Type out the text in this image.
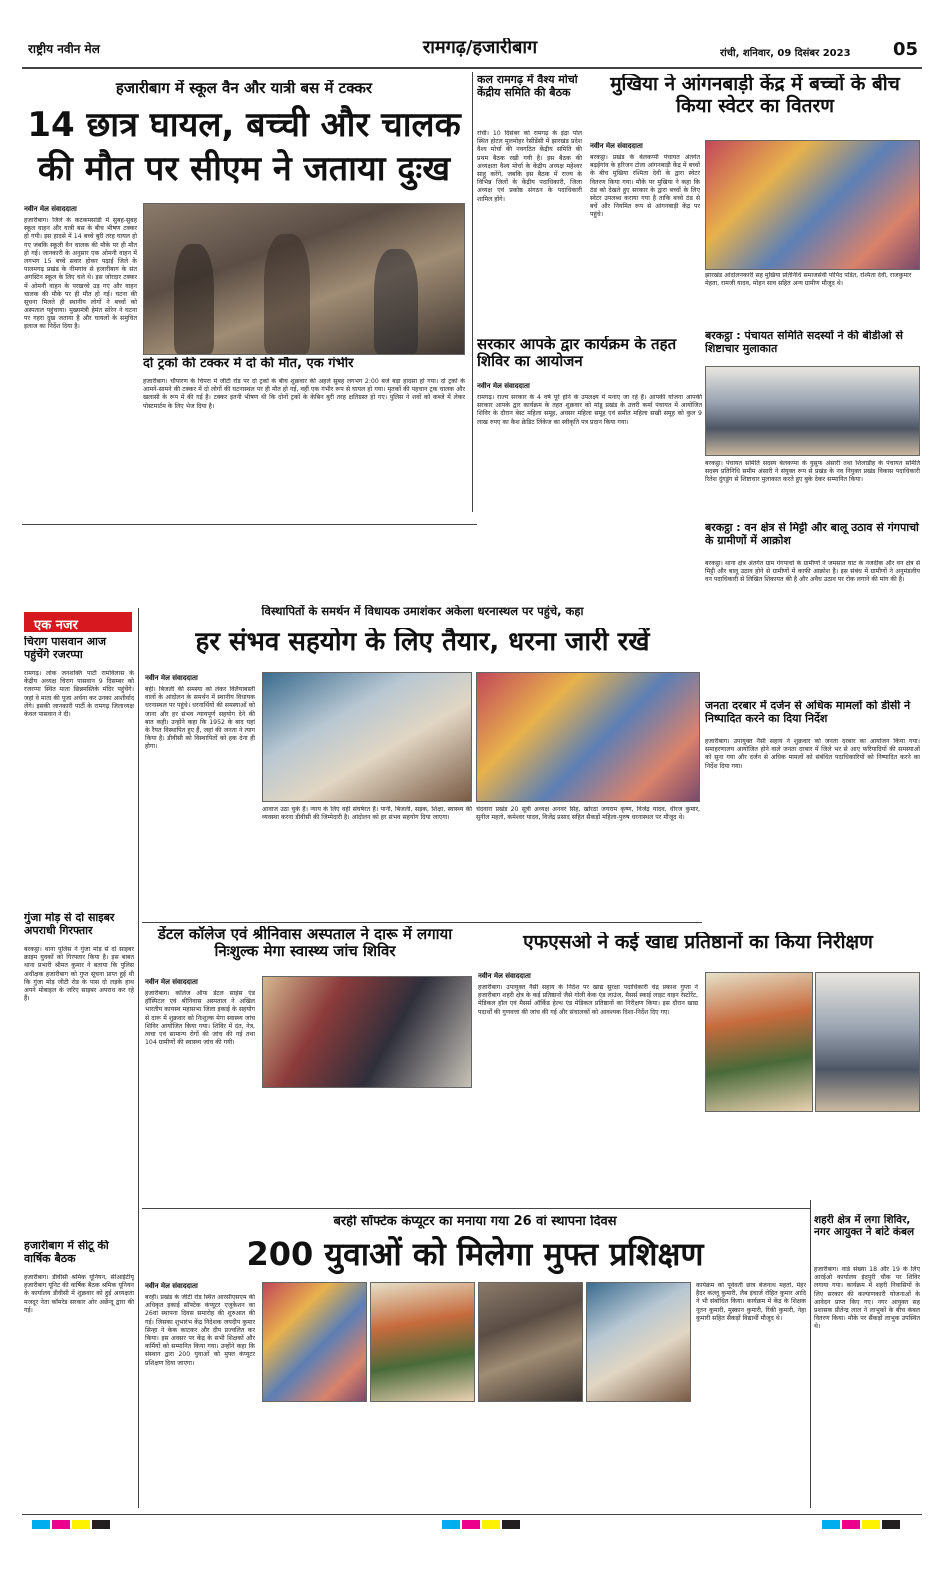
राष्ट्रीय नवीन मेल	रामगढ़/हजारीबाग	रांची, शनिवार, 09 दिसंबर 2023	05
हजारीबाग में स्कूल वैन और यात्री बस में टक्कर
14 छात्र घायल, बच्ची और चालक की मौत पर सीएम ने जताया दुःख
नवीन मेल संवाददाता
हजारीबाग। जिले के कटकमसांडी में सुबह-सुबह स्कूल वाहन और यात्री बस के बीच भीषण टक्कर हो गयी। इस हादसे में 14 बच्चे बुरी तरह घायल हो गए जबकि स्कूली वैन चालक की मौके पर ही मौत हो गई। जानकारी के अनुसार एक ओमनी वाहन में लगभग 15 बच्चे सवार होकर पढ़ाई जिले के पालमगढ़ प्रखंड के नीमगांव से हजारीबाग के संत अगस्टिन स्कूल के लिए चले थे। इस जोरदार टक्कर में ओमनी वाहन के परखच्चे उड़ गए और वाहन चालक की मौके पर ही मौत हो गई। घटना की सूचना मिलते ही स्थानीय लोगों ने बच्चों को अस्पताल पहुंचाया। मुख्यमंत्री हेमंत सोरेन ने घटना पर गहरा दुख जताया है और घायलों के समुचित इलाज का निर्देश दिया है।
दो ट्रकों की टक्कर में दो की मौत, एक गंभीर
हजारीबाग। चौपारण के चिपरा में जीटी रोड पर दो ट्रकों के बीच शुक्रवार की अहले सुबह लगभग 2:00 बजे बड़ा हादसा हो गया। दो ट्रकों के आमने-सामने की टक्कर में दो लोगों की घटनास्थल पर ही मौत हो गई, वहीं एक गंभीर रूप से घायल हो गया। मृतकों की पहचान ट्रक चालक और खलासी के रूप में की गई है। टक्कर इतनी भीषण थी कि दोनों ट्रकों के केबिन बुरी तरह क्षतिग्रस्त हो गए। पुलिस ने शवों को कब्जे में लेकर पोस्टमार्टम के लिए भेज दिया है।
कल रामगढ़ में वैश्य मोर्चा केंद्रीय समिति की बैठक
रांची। 10 दिसंबर को रामगढ़ के इंद्रा पोल स्थित होटल मुलमोहर रेसीडेंसी में झारखंड प्रदेश वैश्य मोर्चा की नवगठित केंद्रीय समिति की प्रथम बैठक रखी गयी है। इस बैठक की अध्यक्षता वैश्य मोर्चा के केंद्रीय अध्यक्ष महेश्वर साहु करेंगे, जबकि इस बैठक में राज्य के विभिन्न जिलों के केंद्रीय पदाधिकारी, जिला अध्यक्ष एवं प्रकोष्ठ संगठन के पदाधिकारी शामिल होंगे।
सरकार आपके द्वार कार्यक्रम के तहत शिविर का आयोजन
नवीन मेल संवाददाता
रामगढ़। राज्य सरकार के 4 वर्ष पूरे होने के उपलक्ष्य में मनाए जा रहे हैं। आपकी योजना आपकी सरकार आपके द्वार कार्यक्रम के तहत शुक्रवार को मांडू प्रखंड के उत्तरी कर्मा पंचायत में आयोजित शिविर के दौरान बेस्ट महिला समूह, अवसर महिला समूह एवं समीत महिला सखी समूह को कुल 9 लाख रुपए का कैश क्रेडिट लिंकेज का स्वीकृति पत्र प्रदान किया गया।
मुखिया ने आंगनबाड़ी केंद्र में बच्चों के बीच किया स्वेटर का वितरण
नवीन मेल संवाददाता
बरकट्ठा। प्रखंड के बेलकप्पी पंचायत अंतर्गत बढ़ईगांव के हरिजन टोला आंगनबाड़ी केंद्र में बच्चों के बीच मुखिया रश्मिता देवी के द्वारा स्वेटर वितरण किया गया। मौके पर मुखिया ने कहा कि ठंड को देखते हुए सरकार के द्वारा बच्चों के लिए स्वेटर उपलब्ध कराया गया है ताकि बच्चे ठंड से बचें और नियमित रूप से आंगनबाड़ी केंद्र पर पहुंचे।
झारखंड आंदोलनकारी सह मुखिया प्रतिनिधि समाजसेवी पोपिंद पडित, रश्मिता देवी, राजकुमार मेहता, रामजी यादव, मोहन साव सहित अन्य ग्रामीण मौजूद थे।
बरकट्ठा : पंचायत समिति सदस्यों ने की बीडीओ से शिष्टाचार मुलाकात
बरकट्ठा। पंचायत समिति सदस्य बेलकप्पा के युसुफ अंसारी तथा शिलाडीह के पंचायत समिति सदस्य प्रतिनिधि समीम अंसारी ने संयुक्त रूप से प्रखंड के नव नियुक्त प्रखंड विकास पदाधिकारी रितेश दुंगडुंग से शिष्टाचार मुलाकात करते हुए बुके देकर सम्मानित किया।
बरकट्ठा : वन क्षेत्र से मिट्टी और बालू उठाव से गंगपाचो के ग्रामीणों में आक्रोश
बरकट्ठा। थाना क्षेत्र अंतर्गत ग्राम गंगपाचो के ग्रामीणों ने जमसात घाट के नजदीक और वन क्षेत्र से मिट्टी और बालू उठाव होने से ग्रामीणों में काफी आक्रोश है। इस संबंध में ग्रामीणों ने अनुमंडलीय वन पदाधिकारी से लिखित शिकायत की है और अवैध उठाव पर रोक लगाने की मांग की है।
जनता दरबार में दर्जन से अधिक मामलों को डीसी ने निष्पादित करने का दिया निर्देश
हजारीबाग। उपायुक्त नैंसी सहाय ने शुक्रवार को जनता दरबार का आयोजन किया गया। समाहरणालय आयोजित होने वाले जनता दरबार में जिले भर से आए फरियादियों की समस्याओं को सुना गया और दर्जन से अधिक मामलों को संबंधित पदाधिकारियों को निष्पादित करने का निर्देश दिया गया।
एक नजर
चिराग पासवान आज पहुंचेंगे रजरप्पा
रामगढ़। लोक जनशक्ति पार्टी रामविलास के केंद्रीय अध्यक्ष चिराग पासवान 9 दिसम्बर को रजरप्पा स्थित माता छिन्नमस्तिके मंदिर पहुंचेंगे। जहां वे माता की पूजा अर्चना कर उनका आशीर्वाद लेंगे। इसकी जानकारी पार्टी के रामगढ़ जिलाध्यक्ष केवल पासवान ने दी।
गुंजा मोड़ से दो साइबर अपराधी गिरफ्तार
बरकट्ठा। थाना पुलिस ने गुंजा मोड़ से दो साइबर क्राइम युवकों को गिरफ्तार किया है। इस बाबत थाना प्रभारी श्रीमत कुमार ने बताया कि पुलिस अधीक्षक हजारीबाग को गुप्त सूचना प्राप्त हुई थी कि गुंजा मोड़ जीटी रोड के पास दो लड़के हाथ अपने मोबाइल के जरिए साइबर अपराध कर रहे हैं।
हजारीबाग में सीटू की वार्षिक बैठक
हजारीबाग। डीवीसी श्रमिक यूनियन, सीआईटीयू हजारीबाग यूनिट की वार्षिक बैठक श्रमिक यूनियन के कार्यालय डीवीसी में शुक्रवार को हुई अध्यक्षता मजदूर नेता कॉमरेड सरकार ओर अर्छेन्दू द्वारा की गई।
विस्थापितों के समर्थन में विधायक उमाशंकर अकेला धरनास्थल पर पहुंचे, कहा
हर संभव सहयोग के लिए तैयार, धरना जारी रखें
नवीन मेल संवाददाता
बही। बिजली की समस्या को लेकर विलैयाबस्ती वालों के आंदोलन के समर्थन में स्थानीय विधायक धरनास्थल पर पहुंचे। धरनार्थियों की समस्याओं को जाना और हर संभव न्यायपूर्ण सहयोग देने की बात कही। उन्होंने कहा कि 1952 के बाद यहां के रैयत विस्थापित हुए हैं, जहां की जनता ने त्याग किया है। डीवीसी को विस्थापितों को हक देना ही होगा।
आवाज उठा चुके हैं। न्याय के लिए वहीं संघर्षरत हैं। पानी, बिजली, सड़क, शिक्षा, स्वास्थ्य की व्यवस्था करना डीवीसी की जिम्मेदारी है। आंदोलन को हर संभव सहयोग दिया जाएगा।
चंदवारा प्रखंड 20 सूत्री अध्यक्ष अनवर सिंह, खोरठा जयराम कृष्ण, विजेंद्र यादव, धीरज कुमार, सुनील महतो, कमेश्वर यादव, विजेंद्र प्रसाद सहित सैकड़ों महिला-पुरुष धरनास्थल पर मौजूद थे।
डेंटल कॉलेज एवं श्रीनिवास अस्पताल ने दारू में लगाया निःशुल्क मेगा स्वास्थ्य जांच शिविर
नवीन मेल संवाददाता
हजारीबाग। कॉलेज ऑफ डेंटल साइंस एंड हॉस्पिटल एवं श्रीनिवास अस्पताल ने अखिल भारतीय कायस्थ महासभा जिला इकाई के सहयोग से दारू में शुक्रवार को निःशुल्क मेगा स्वास्थ्य जांच शिविर आयोजित किया गया। शिविर में दंत, नेत्र, त्वचा एवं सामान्य रोगों की जांच की गई तथा 104 ग्रामीणों की स्वास्थ्य जांच की गयी।
एफएसओ ने कई खाद्य प्रतिष्ठानों का किया निरीक्षण
नवीन मेल संवाददाता
हजारीबाग। उपायुक्त नैंसी सहाय के निर्देश पर खाद्य सुरक्षा पदाधिकारी चंद्र प्रकाश गुप्ता ने हजारीबाग शहरी क्षेत्र के कई प्रतिष्ठानों जैसे गोली केक एंड लाउंज, मैसर्स स्काई लाइट वाइन रेस्टोरेंट, मेडिकल हॉल एवं मैसर्स ऑर्किड हेल्थ एंड मेडिकल प्रतिष्ठानों का निरीक्षण किया। इस दौरान खाद्य पदार्थों की गुणवत्ता की जांच की गई और संचालकों को आवश्यक दिशा-निर्देश दिए गए।
बरही सॉफ्टेक कंप्यूटर का मनाया गया 26 वां स्थापना दिवस
200 युवाओं को मिलेगा मुफ्त प्रशिक्षण
नवीन मेल संवाददाता
बरही। प्रखंड के जीटी रोड स्थित आरसीएसएम की अधिकृत इकाई सॉफ्टेक कंप्यूटर एजुकेशन का 26वां स्थापना दिवस समारोह की शुरुआत की गई। जिसका शुभारंभ केंद्र निदेशक जयदीप कुमार सिन्हा ने केक काटकर और दीप प्रज्वलित कर किया। इस अवसर पर केंद्र के सभी शिक्षकों और कर्मियों को सम्मानित किया गया। उन्होंने कहा कि संस्थान द्वारा 200 युवाओं को मुफ्त कंप्यूटर प्रशिक्षण दिया जाएगा।
कार्यक्रम को पूर्ववर्ती छात्र बेजनाथ महतो, मेहर हैदर कल्लू कुमारी, लैब इंचार्ज रोहित कुमार आदि ने भी संबोधित किया। कार्यक्रम में केंद्र के शिक्षक नूतन कुमारी, मुस्कान कुमारी, रिंकी कुमारी, नेहा कुमारी सहित सैकड़ों विद्यार्थी मौजूद थे।
शहरी क्षेत्र में लगा शिविर, नगर आयुक्त ने बांटे कंबल
हजारीबाग। वार्ड संख्या 18 और 19 के लिए आरईओ कार्यालय इंदपुरी चौक पर शिविर लगाया गया। कार्यक्रम में शहरी निवासियों के लिए सरकार की कल्याणकारी योजनाओं के आवेदन प्राप्त किए गए। नगर आयुक्त सह प्रशासक प्रीतेन्द्र लाल ने लाभुकों के बीच कंबल वितरण किया। मौके पर सैंकड़ों लाभुक उपस्थित थे।
